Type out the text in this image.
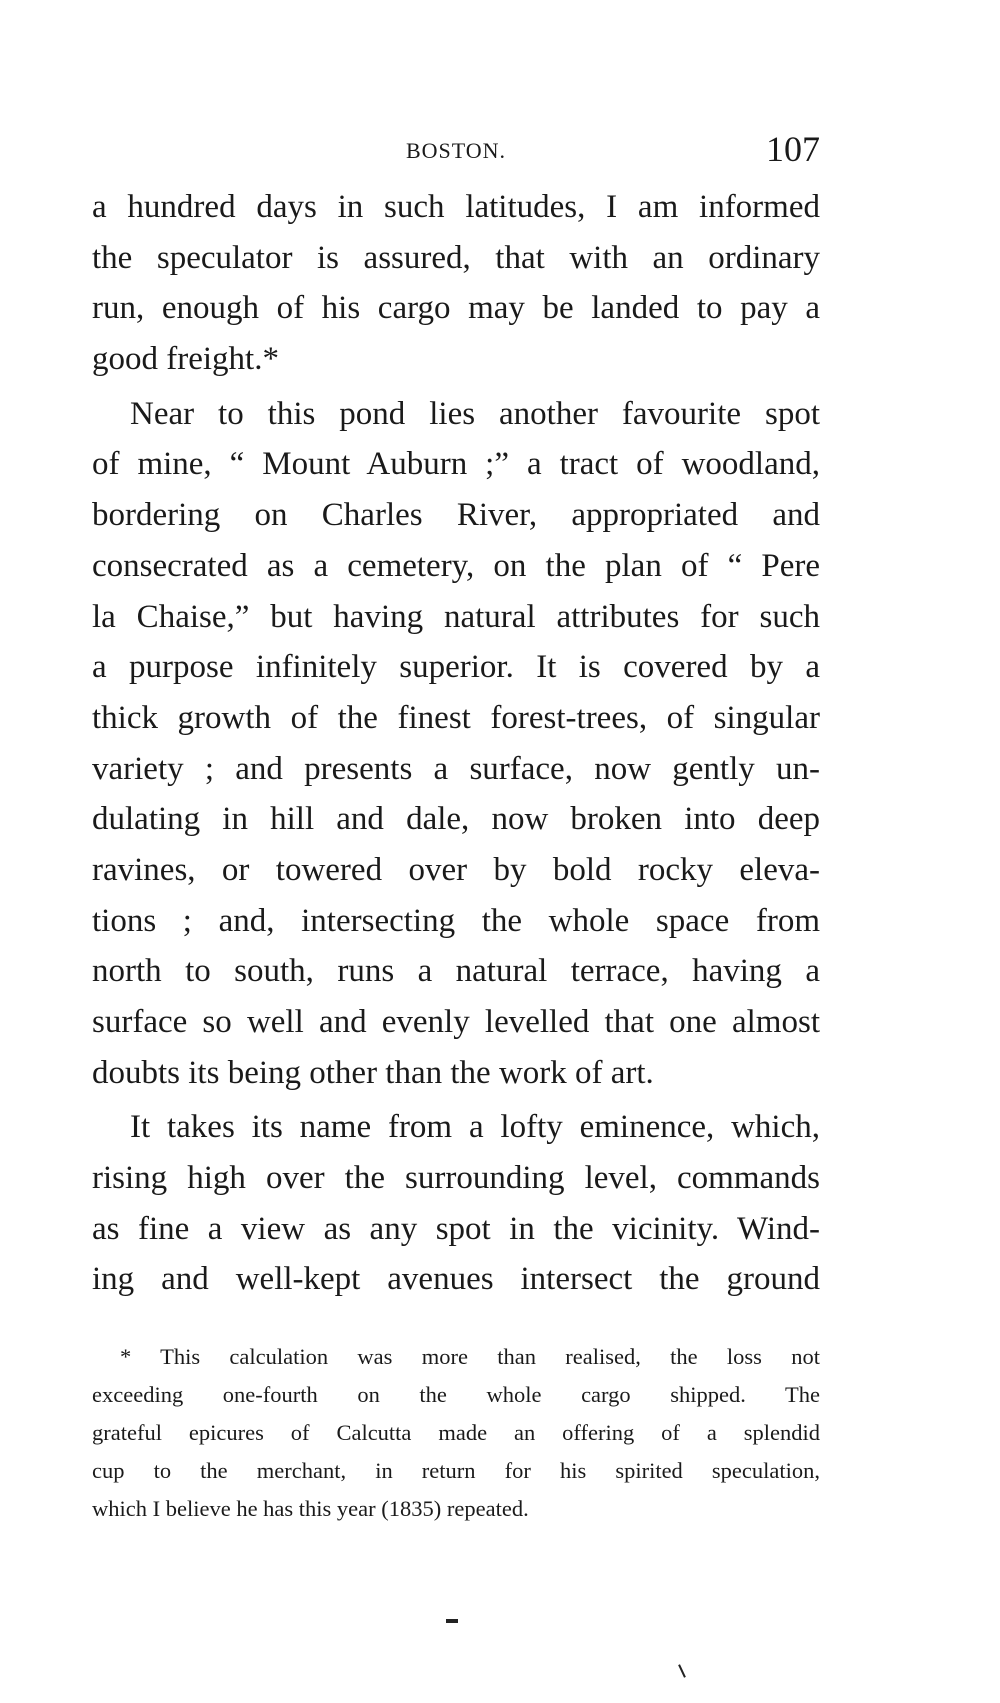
BOSTON.	107
a hundred days in such latitudes, I am informed
the speculator is assured, that with an ordinary
run, enough of his cargo may be landed to pay a
good freight.*
Near to this pond lies another favourite spot
of mine, “ Mount Auburn ;” a tract of woodland,
bordering on Charles River, appropriated and
consecrated as a cemetery, on the plan of “ Pere
la Chaise,” but having natural attributes for such
a purpose infinitely superior. It is covered by a
thick growth of the finest forest-trees, of singular
variety ; and presents a surface, now gently un-
dulating in hill and dale, now broken into deep
ravines, or towered over by bold rocky eleva-
tions ; and, intersecting the whole space from
north to south, runs a natural terrace, having a
surface so well and evenly levelled that one almost
doubts its being other than the work of art.
It takes its name from a lofty eminence, which,
rising high over the surrounding level, commands
as fine a view as any spot in the vicinity. Wind-
ing and well-kept avenues intersect the ground
* This calculation was more than realised, the loss not
exceeding one-fourth on the whole cargo shipped. The
grateful epicures of Calcutta made an offering of a splendid
cup to the merchant, in return for his spirited speculation,
which I believe he has this year (1835) repeated.
